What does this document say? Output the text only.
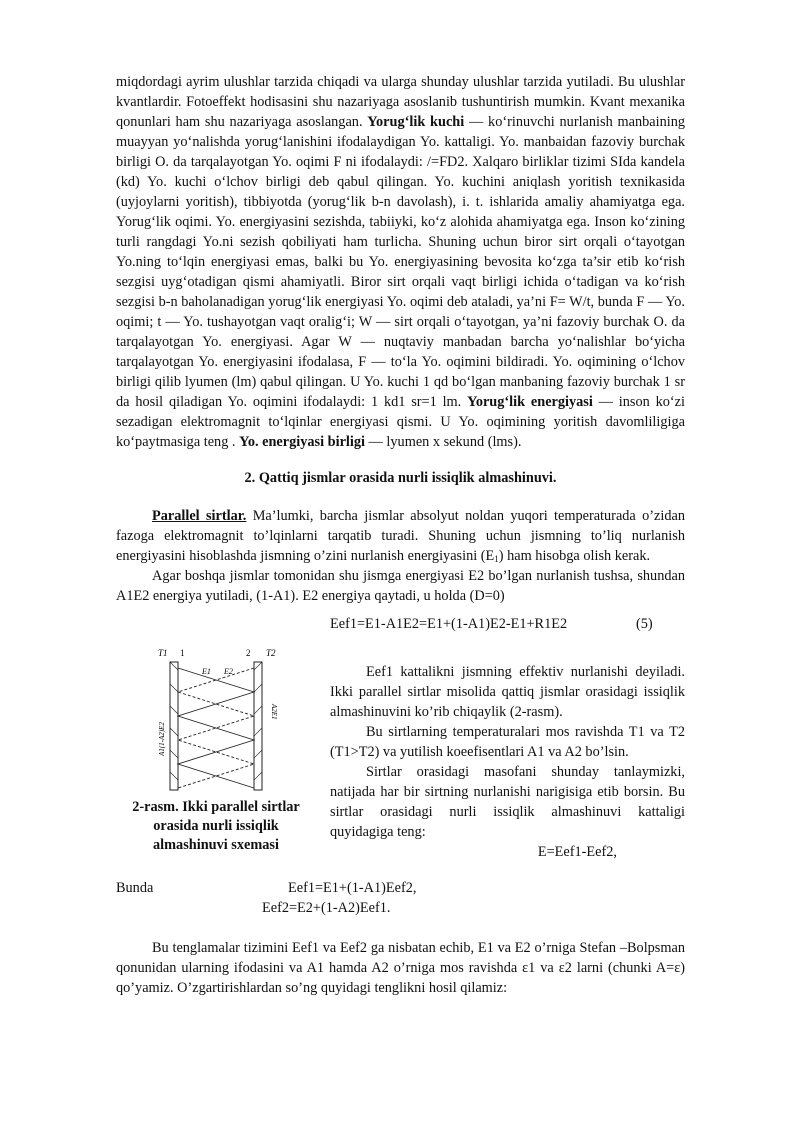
miqdordagi ayrim ulushlar tarzida chiqadi va ularga shunday ulushlar tarzida yutiladi. Bu ulushlar kvantlardir. Fotoeffekt hodisasini shu nazariyaga asoslanib tushuntirish mumkin. Kvant mexanika qonunlari ham shu nazariyaga asoslangan. Yorug‘lik kuchi — ko‘rinuvchi nurlanish manbaining muayyan yo‘nalishda yorug‘lanishini ifodalaydigan Yo. kattaligi. Yo. manbaidan fazoviy burchak birligi O. da tarqalayotgan Yo. oqimi F ni ifodalaydi: /=FD2. Xalqaro birliklar tizimi SIda kandela (kd) Yo. kuchi o‘lchov birligi deb qabul qilingan. Yo. kuchini aniqlash yoritish texnikasida (uyjoylarni yoritish), tibbiyotda (yorug‘lik b-n davolash), i. t. ishlarida amaliy ahamiyatga ega. Yorug‘lik oqimi. Yo. energiyasini sezishda, tabiiyki, ko‘z alohida ahamiyatga ega. Inson ko‘zining turli rangdagi Yo.ni sezish qobiliyati ham turlicha. Shuning uchun biror sirt orqali o‘tayotgan Yo.ning to‘lqin energiyasi emas, balki bu Yo. energiyasining bevosita ko‘zga ta’sir etib ko‘rish sezgisi uyg‘otadigan qismi ahamiyatli. Biror sirt orqali vaqt birligi ichida o‘tadigan va ko‘rish sezgisi b-n baholanadigan yorug‘lik energiyasi Yo. oqimi deb ataladi, ya’ni F= W/t, bunda F — Yo. oqimi; t — Yo. tushayotgan vaqt oralig‘i; W — sirt orqali o‘tayotgan, ya’ni fazoviy burchak O. da tarqalayotgan Yo. energiyasi. Agar W — nuqtaviy manbadan barcha yo‘nalishlar bo‘yicha tarqalayotgan Yo. energiyasini ifodalasa, F — to‘la Yo. oqimini bildiradi. Yo. oqimining o‘lchov birligi qilib lyumen (lm) qabul qilingan. U Yo. kuchi 1 qd bo‘lgan manbaning fazoviy burchak 1 sr da hosil qiladigan Yo. oqimini ifodalaydi: 1 kd1 sr=1 lm. Yorug‘lik energiyasi — inson ko‘zi sezadigan elektromagnit to‘lqinlar energiyasi qismi. U Yo. oqimining yoritish davomliligiga ko‘paytmasiga teng . Yo. energiyasi birligi — lyumen x sekund (lms).

2. Qattiq jismlar orasida nurli issiqlik almashinuvi.

Parallel sirtlar. Ma’lumki, barcha jismlar absolyut noldan yuqori temperaturada o’zidan fazoga elektromagnit to’lqinlarni tarqatib turadi. Shuning uchun jismning to’liq nurlanish energiyasini hisoblashda jismning o’zini nurlanish energiyasini $(E_1)$ ham hisobga olish kerak.

Agar boshqa jismlar tomonidan shu jismga energiyasi E2 bo’lgan nurlanish tushsa, shundan A1E2 energiya yutiladi, (1-A1). E2 energiya qaytadi, u holda (D=0)

Eef1=E1-A1E2=E1+(1-A1)E2-E1+R1E2	(5)
T1 1	2 T2
E1 E2
A1(1-A2)E2
A2E1
2-rasm. Ikki parallel sirtlar orasida nurli issiqlik almashinuvi sxemasi

Eef1 kattalikni jismning effektiv nurlanishi deyiladi. Ikki parallel sirtlar misolida qattiq jismlar orasidagi issiqlik almashinuvini ko’rib chiqaylik (2-rasm).

Bu sirtlarning temperaturalari mos ravishda T1 va T2 (T1>T2) va yutilish koeefisentlari A1 va A2 bo’lsin.

Sirtlar orasidagi masofani shunday tanlaymizki, natijada har bir sirtning nurlanishi narigisiga etib borsin. Bu sirtlar orasidagi nurli issiqlik almashinuvi kattaligi quyidagiga teng:

E=Eef1-Eef2,
Bunda	Eef1=E1+(1-A1)Eef2,
Eef2=E2+(1-A2)Eef1.

Bu tenglamalar tizimini Eef1 va Eef2 ga nisbatan echib, E1 va E2 o’rniga Stefan –Bolpsman qonunidan ularning ifodasini va A1 hamda A2 o’rniga mos ravishda ε1 va ε2 larni (chunki A=ε) qo’yamiz. O’zgartirishlardan so’ng quyidagi tenglikni hosil qilamiz:
